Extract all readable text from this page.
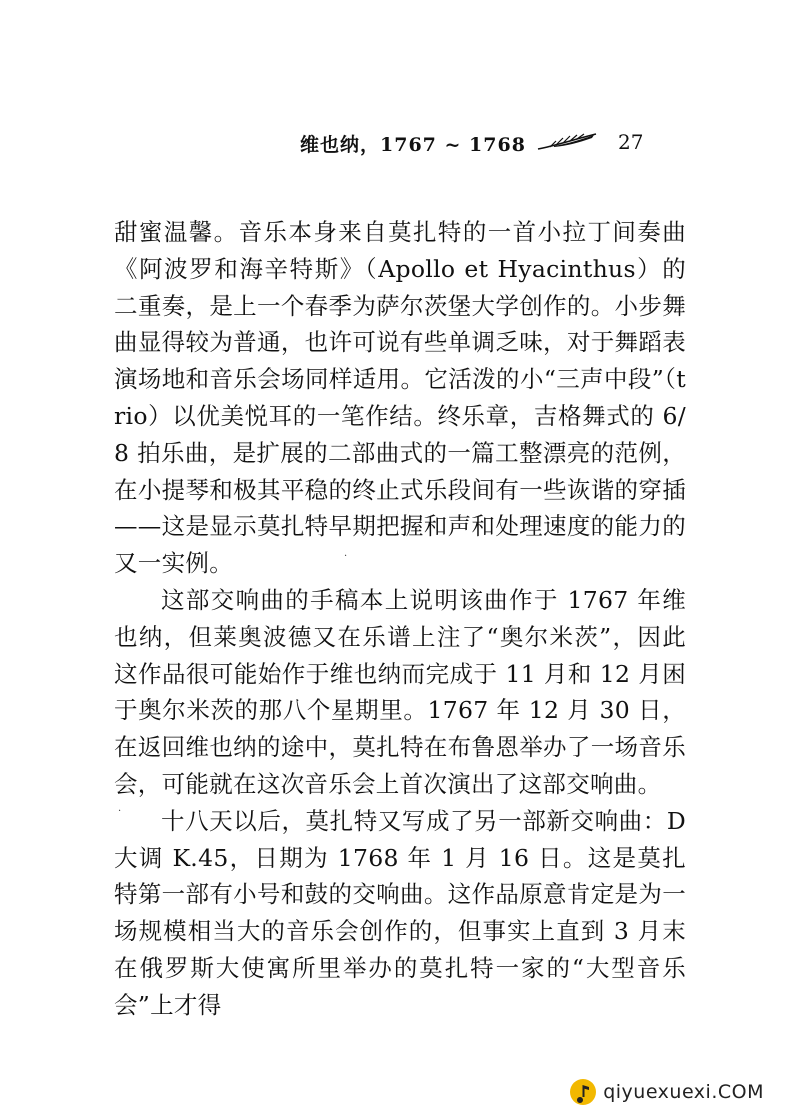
维也纳，1767 ~ 1768	27

甜蜜温馨。音乐本身来自莫扎特的一首小拉丁间奏曲《阿波罗和海辛特斯》（Apollo et Hyacinthus）的二重奏，是上一个春季为萨尔茨堡大学创作的。小步舞曲显得较为普通，也许可说有些单调乏味，对于舞蹈表演场地和音乐会场同样适用。它活泼的小“三声中段”（trio）以优美悦耳的一笔作结。终乐章，吉格舞式的 6/8 拍乐曲，是扩展的二部曲式的一篇工整漂亮的范例，在小提琴和极其平稳的终止式乐段间有一些诙谐的穿插——这是显示莫扎特早期把握和声和处理速度的能力的又一实例。

这部交响曲的手稿本上说明该曲作于 1767 年维也纳，但莱奥波德又在乐谱上注了“奥尔米茨”，因此这作品很可能始作于维也纳而完成于 11 月和 12 月困于奥尔米茨的那八个星期里。1767 年 12 月 30 日，在返回维也纳的途中，莫扎特在布鲁恩举办了一场音乐会，可能就在这次音乐会上首次演出了这部交响曲。

十八天以后，莫扎特又写成了另一部新交响曲：D 大调 K.45，日期为 1768 年 1 月 16 日。这是莫扎特第一部有小号和鼓的交响曲。这作品原意肯定是为一场规模相当大的音乐会创作的，但事实上直到 3 月末在俄罗斯大使寓所里举办的莫扎特一家的“大型音乐会”上才得

·
·
qiyuexuexi.COM
